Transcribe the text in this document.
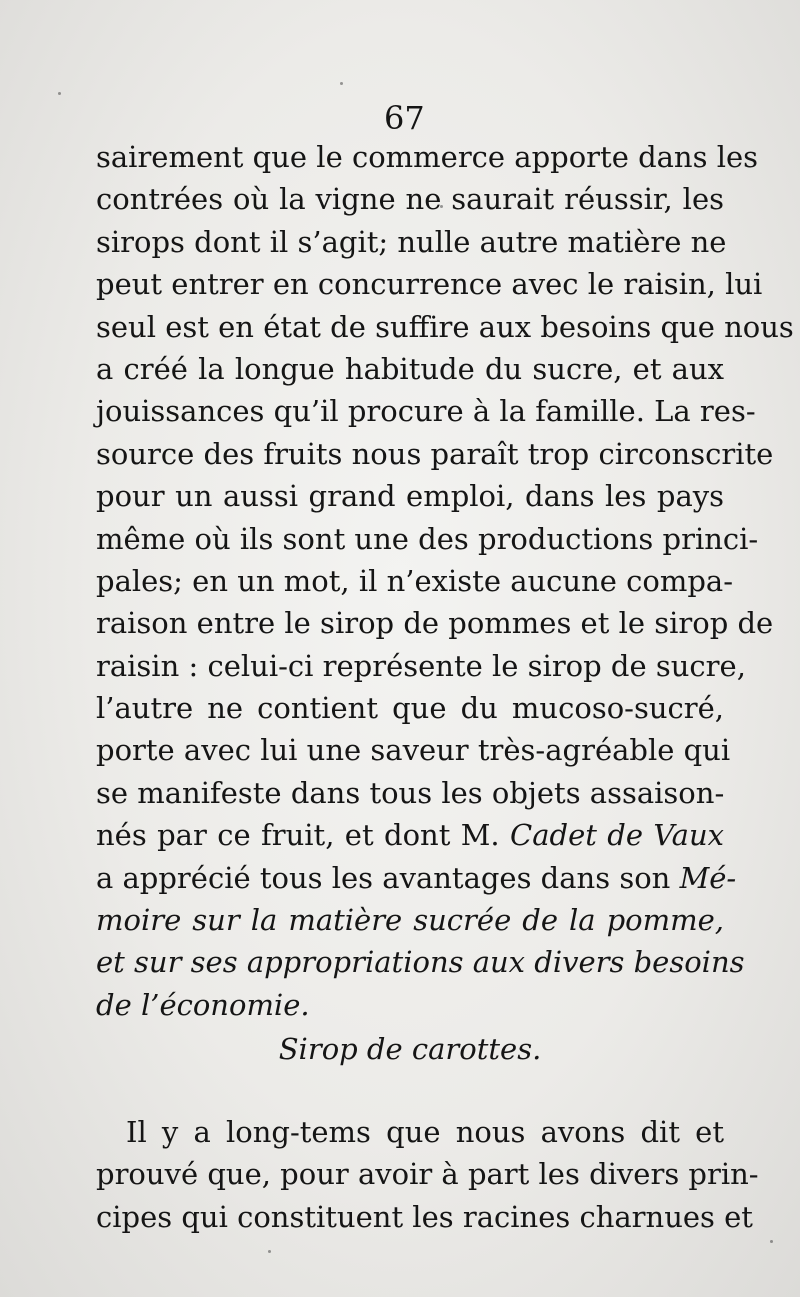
67
sairement que le commerce apporte dans les
contrées où la vigne ne saurait réussir, les
sirops dont il s’agit; nulle autre matière ne
peut entrer en concurrence avec le raisin, lui
seul est en état de suffire aux besoins que nous
a créé la longue habitude du sucre, et aux
jouissances qu’il procure à la famille. La res-
source des fruits nous paraît trop circonscrite
pour un aussi grand emploi, dans les pays
même où ils sont une des productions princi-
pales; en un mot, il n’existe aucune compa-
raison entre le sirop de pommes et le sirop de
raisin : celui-ci représente le sirop de sucre,
l’autre ne contient que du mucoso-sucré,
porte avec lui une saveur très-agréable qui
se manifeste dans tous les objets assaison-
nés par ce fruit, et dont M. Cadet de Vaux
a apprécié tous les avantages dans son Mé-
moire sur la matière sucrée de la pomme,
et sur ses appropriations aux divers besoins
de l’économie.
Sirop de carottes.
Il y a long-tems que nous avons dit et
prouvé que, pour avoir à part les divers prin-
cipes qui constituent les racines charnues et
